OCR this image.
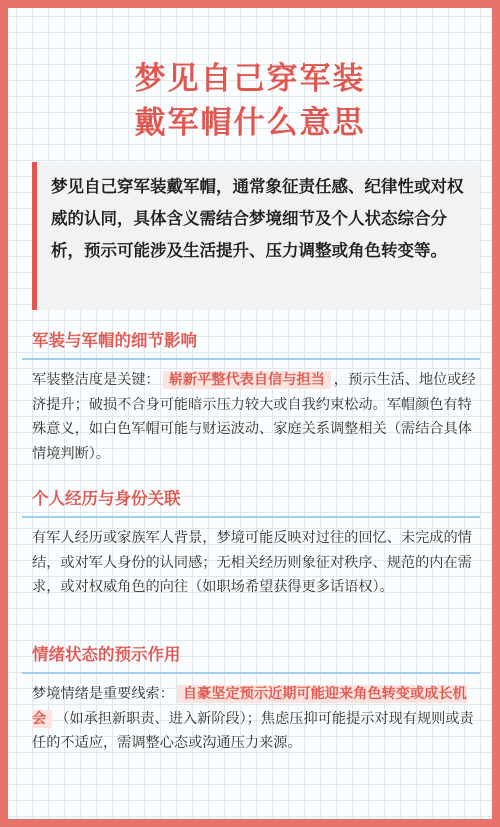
梦见自己穿军装
戴军帽什么意思
梦见自己穿军装戴军帽，通常象征责任感、纪律性或对权威的认同，具体含义需结合梦境细节及个人状态综合分析，预示可能涉及生活提升、压力调整或角色转变等。
军装与军帽的细节影响
军装整洁度是关键： 崭新平整代表自信与担当 ，预示生活、地位或经济提升；破损不合身可能暗示压力较大或自我约束松动。军帽颜色有特殊意义，如白色军帽可能与财运波动、家庭关系调整相关（需结合具体情境判断）。
个人经历与身份关联
有军人经历或家族军人背景，梦境可能反映对过往的回忆、未完成的情结，或对军人身份的认同感；无相关经历则象征对秩序、规范的内在需求，或对权威角色的向往（如职场希望获得更多话语权）。
情绪状态的预示作用
梦境情绪是重要线索： 自豪坚定预示近期可能迎来角色转变或成长机会 （如承担新职责、进入新阶段）；焦虑压抑可能提示对现有规则或责任的不适应，需调整心态或沟通压力来源。
